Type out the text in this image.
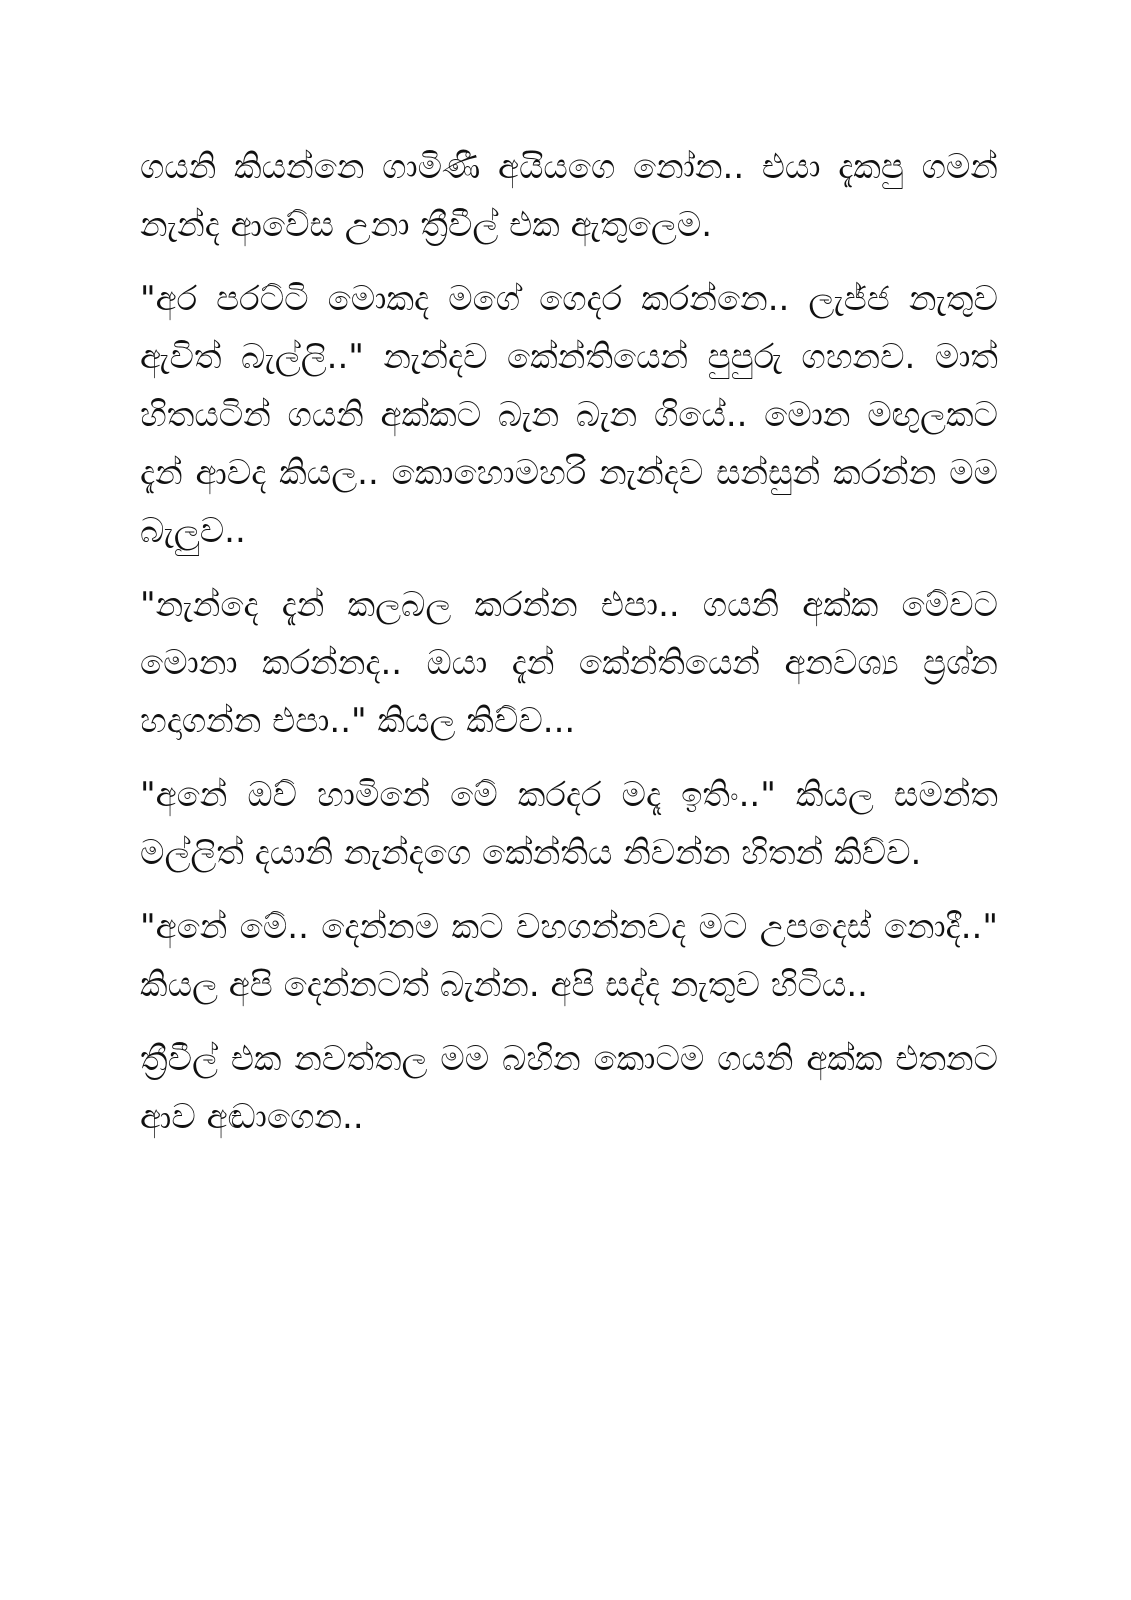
ගයනි කියන්නෙ ගාමිණී අයියගෙ නෝන.. එයා දැකපු ගමන් නැන්ද ආවේස උනා ත්‍රීවීල් එක ඇතුලෙම.

"අර පරට්ටි මොකද මගේ ගෙදර කරන්නෙ.. ලැජ්ජ නැතුව ඇවිත් බැල්ලි.." නැන්දව කේන්තියෙන් පුපුරු ගහනව. මාත් හිතයටින් ගයනි අක්කට බැන බැන ගියේ.. මොන මඟුලකට දැන් ආවද කියල.. කොහොමහරි නැන්දව සන්සුන් කරන්න මම බැලුව..

"නැන්දෙ දැන් කලබල කරන්න එපා.. ගයනි අක්ක මේවට මොනා කරන්නද.. ඔයා දැන් කේන්තියෙන් අනවශ්‍ය ප්‍රශ්න හදාගන්න එපා.." කියල කිව්ව...

"අනේ ඔව් හාමිනේ මේ කරදර මදෑ ඉතිං.." කියල සමන්ත මල්ලිත් දයානි නැන්දගෙ කේන්තිය නිවන්න හිතන් කිව්ව.

"අනේ මේ.. දෙන්නම කට වහගන්නවද මට උපදෙස් නොදී.." කියල අපි දෙන්නටත් බැන්න. අපි සද්ද නැතුව හිටිය..

ත්‍රීවීල් එක නවත්තල මම බහින කොටම ගයනි අක්ක එතනට ආව අඬාගෙන..
